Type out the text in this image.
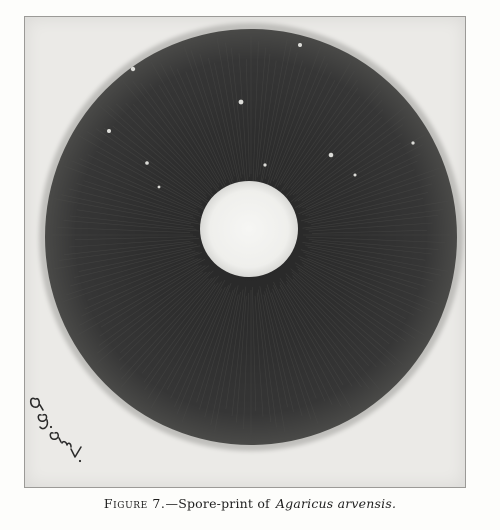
Figure 7.—Spore-print of Agaricus arvensis.
